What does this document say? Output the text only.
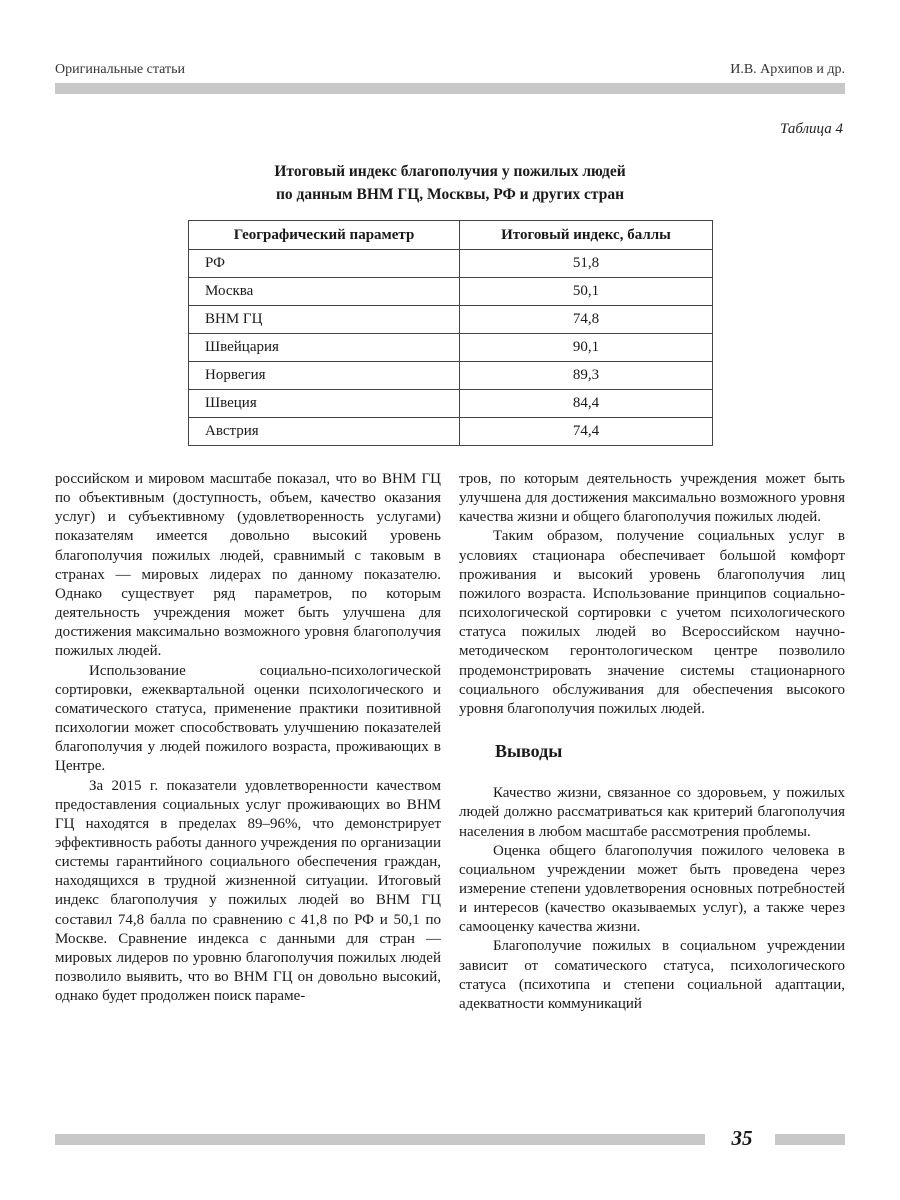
Оригинальные статьи	И.В. Архипов и др.
Таблица 4
Итоговый индекс благополучия у пожилых людей
по данным ВНМ ГЦ, Москвы, РФ и других стран
Географический параметр	Итоговый индекс, баллы
РФ	51,8
Москва	50,1
ВНМ ГЦ	74,8
Швейцария	90,1
Норвегия	89,3
Швеция	84,4
Австрия	74,4

российском и мировом масштабе показал, что во ВНМ ГЦ по объективным (доступность, объем, качество оказания услуг) и субъективному (удовлетворенность услугами) показателям имеется довольно высокий уровень благополучия пожилых людей, сравнимый с таковым в странах — мировых лидерах по данному показателю. Однако существует ряд параметров, по которым деятельность учреждения может быть улучшена для достижения максимально возможного уровня благополучия пожилых людей.

Использование социально-психологической сортировки, ежеквартальной оценки психологического и соматического статуса, применение практики позитивной психологии может способствовать улучшению показателей благополучия у людей пожилого возраста, проживающих в Центре.

За 2015 г. показатели удовлетворенности качеством предоставления социальных услуг проживающих во ВНМ ГЦ находятся в пределах 89–96%, что демонстрирует эффективность работы данного учреждения по организации системы гарантийного социального обеспечения граждан, находящихся в трудной жизненной ситуации. Итоговый индекс благополучия у пожилых людей во ВНМ ГЦ составил 74,8 балла по сравнению с 41,8 по РФ и 50,1 по Москве. Сравнение индекса с данными для стран — мировых лидеров по уровню благополучия пожилых людей позволило выявить, что во ВНМ ГЦ он довольно высокий, однако будет продолжен поиск параме-

тров, по которым деятельность учреждения может быть улучшена для достижения максимально возможного уровня качества жизни и общего благополучия пожилых людей.

Таким образом, получение социальных услуг в условиях стационара обеспечивает большой комфорт проживания и высокий уровень благополучия лиц пожилого возраста. Использование принципов социально-психологической сортировки с учетом психологического статуса пожилых людей во Всероссийском научно-методическом геронтологическом центре позволило продемонстрировать значение системы стационарного социального обслуживания для обеспечения высокого уровня благополучия пожилых людей.

Выводы

Качество жизни, связанное со здоровьем, у пожилых людей должно рассматриваться как критерий благополучия населения в любом масштабе рассмотрения проблемы.

Оценка общего благополучия пожилого человека в социальном учреждении может быть проведена через измерение степени удовлетворения основных потребностей и интересов (качество оказываемых услуг), а также через самооценку качества жизни.

Благополучие пожилых в социальном учреждении зависит от соматического статуса, психологического статуса (психотипа и степени социальной адаптации, адекватности коммуникаций

35
